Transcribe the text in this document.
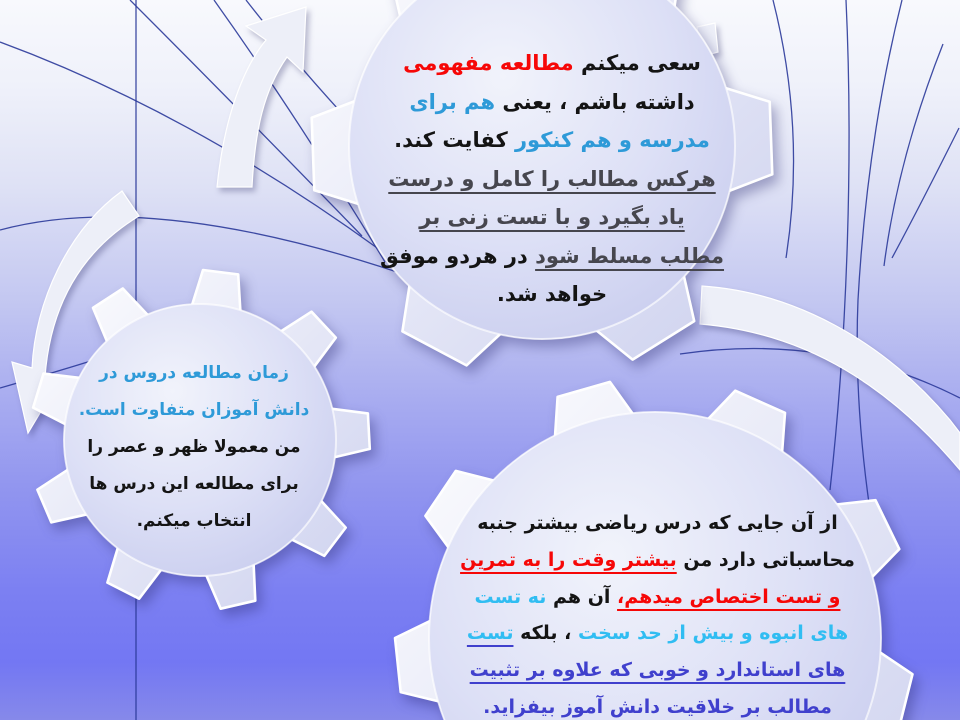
سعی میکنم مطالعه مفهومی
داشته باشم ، یعنی هم برای
مدرسه و هم کنکور کفایت کند.
هرکس مطالب را کامل و درست
یاد بگیرد و با تست زنی بر
مطلب مسلط شود در هردو موفق
خواهد شد.
زمان مطالعه دروس در
دانش آموزان متفاوت است.
من معمولا ظهر و عصر را
برای مطالعه این درس ها
انتخاب میکنم.	از آن جایی که درس ریاضی بیشتر جنبه
محاسباتی دارد من بیشتر وقت را به تمرین
و تست اختصاص میدهم، آن هم نه تست
های انبوه و بیش از حد سخت ، بلکه تست
های استاندارد و خوبی که علاوه بر تثبیت
مطالب بر خلاقیت دانش آموز بیفزاید.
